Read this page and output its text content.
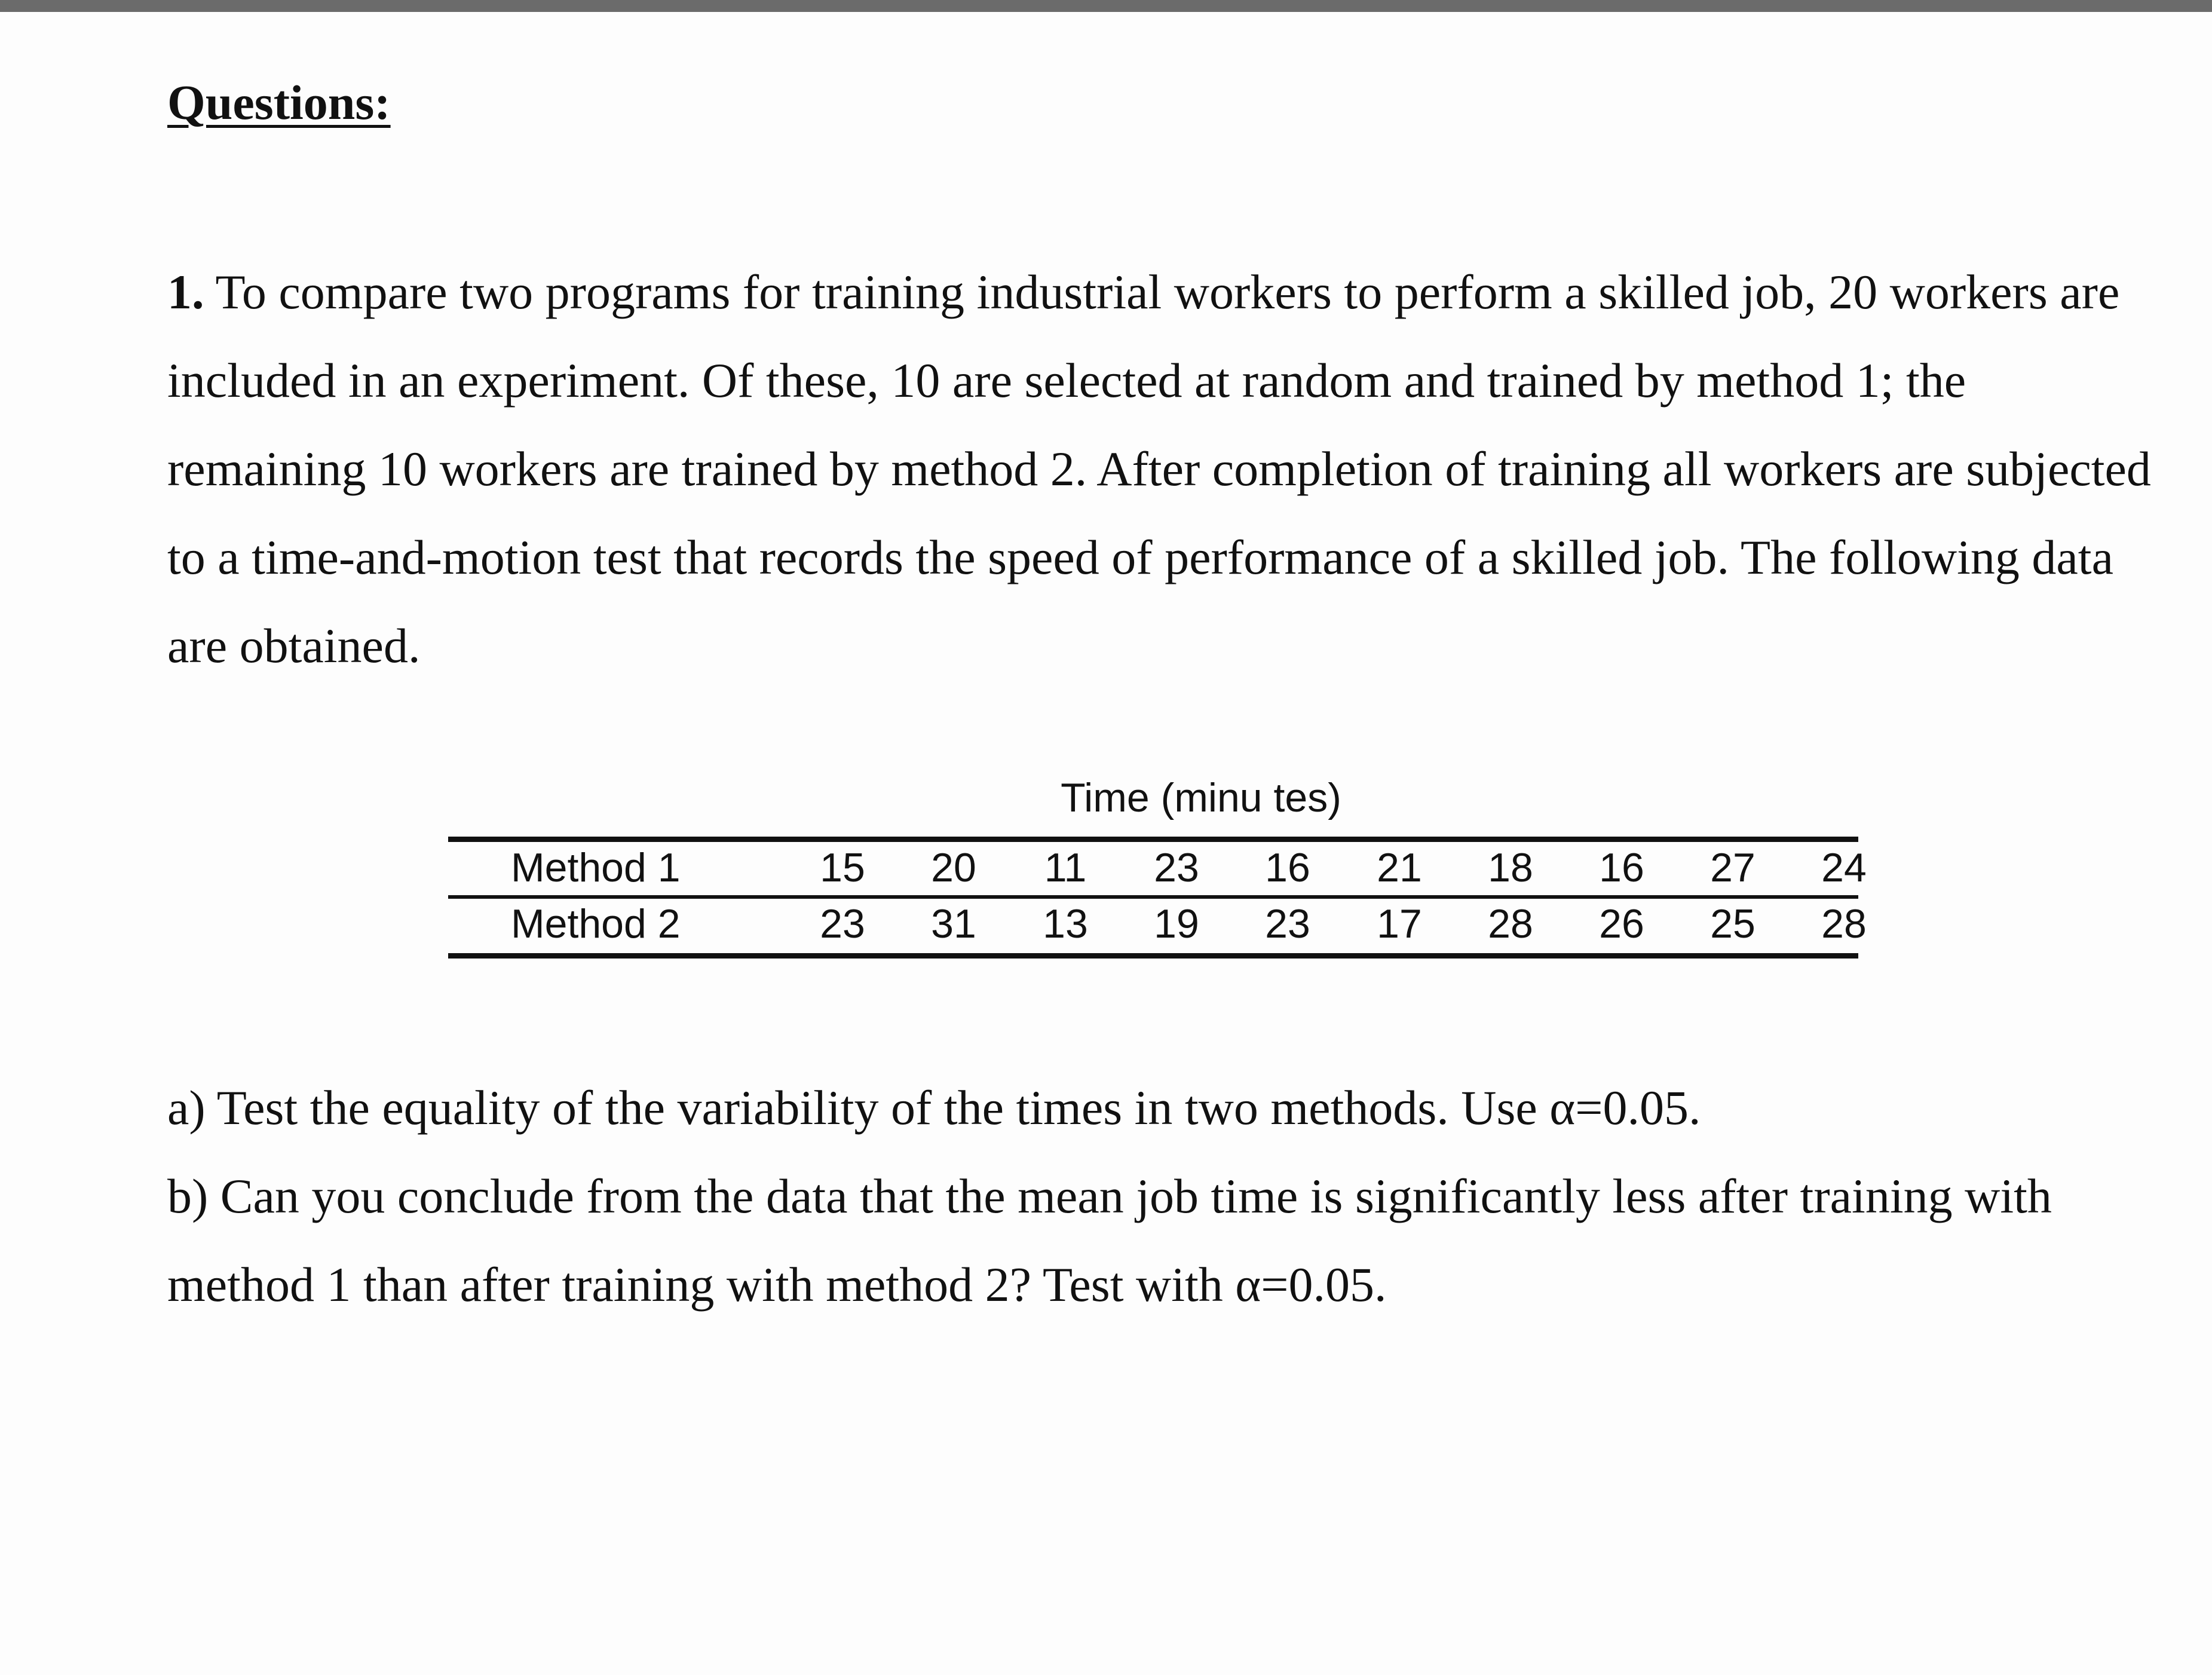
Questions:

1. To compare two programs for training industrial workers to perform a skilled job, 20 workers are included in an experiment. Of these, 10 are selected at random and trained by method 1; the remaining 10 workers are trained by method 2. After completion of training all workers are subjected to a time-and-motion test that records the speed of performance of a skilled job. The following data are obtained.

Time (minu tes)
Method 1	15	20	11	23	16	21	18	16	27	24
Method 2	23	31	13	19	23	17	28	26	25	28

a) Test the equality of the variability of the times in two methods. Use α=0.05.

b) Can you conclude from the data that the mean job time is significantly less after training with method 1 than after training with method 2? Test with α=0.05.
